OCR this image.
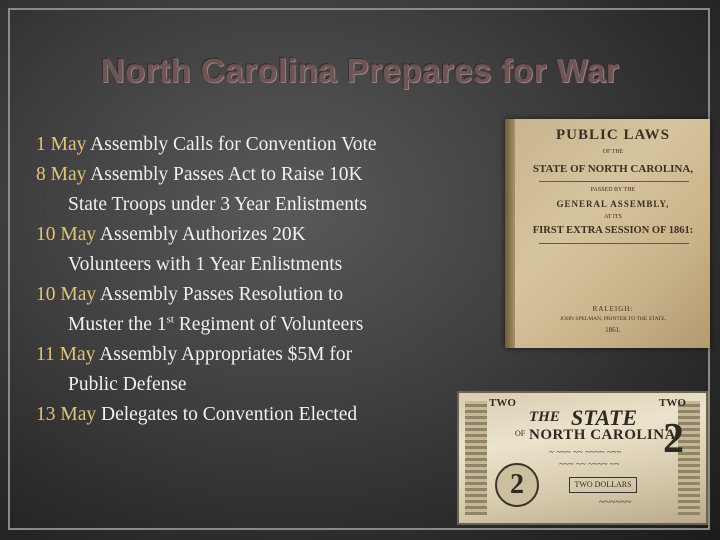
North Carolina Prepares for War

1 May Assembly Calls for Convention Vote

8 May Assembly Passes Act to Raise 10K
State Troops under 3 Year Enlistments

10 May Assembly Authorizes 20K
Volunteers with 1 Year Enlistments

10 May Assembly Passes Resolution to
Muster the 1st Regiment of Volunteers

11 May Assembly Appropriates $5M for
Public Defense

13 May Delegates to Convention Elected

PUBLIC LAWS
OF THE
STATE OF NORTH CAROLINA,
PASSED BY THE
GENERAL ASSEMBLY,
AT ITS
FIRST EXTRA SESSION OF 1861:
RALEIGH:
JOHN SPELMAN, PRINTER TO THE STATE.
1861.
TWO	TWO
THE STATE
OF NORTH CAROLINA.
2
~ ~~~ ~~ ~~~~ ~~~
~~~ ~~ ~~~~ ~~
2	TWO DOLLARS
~~~~~~
